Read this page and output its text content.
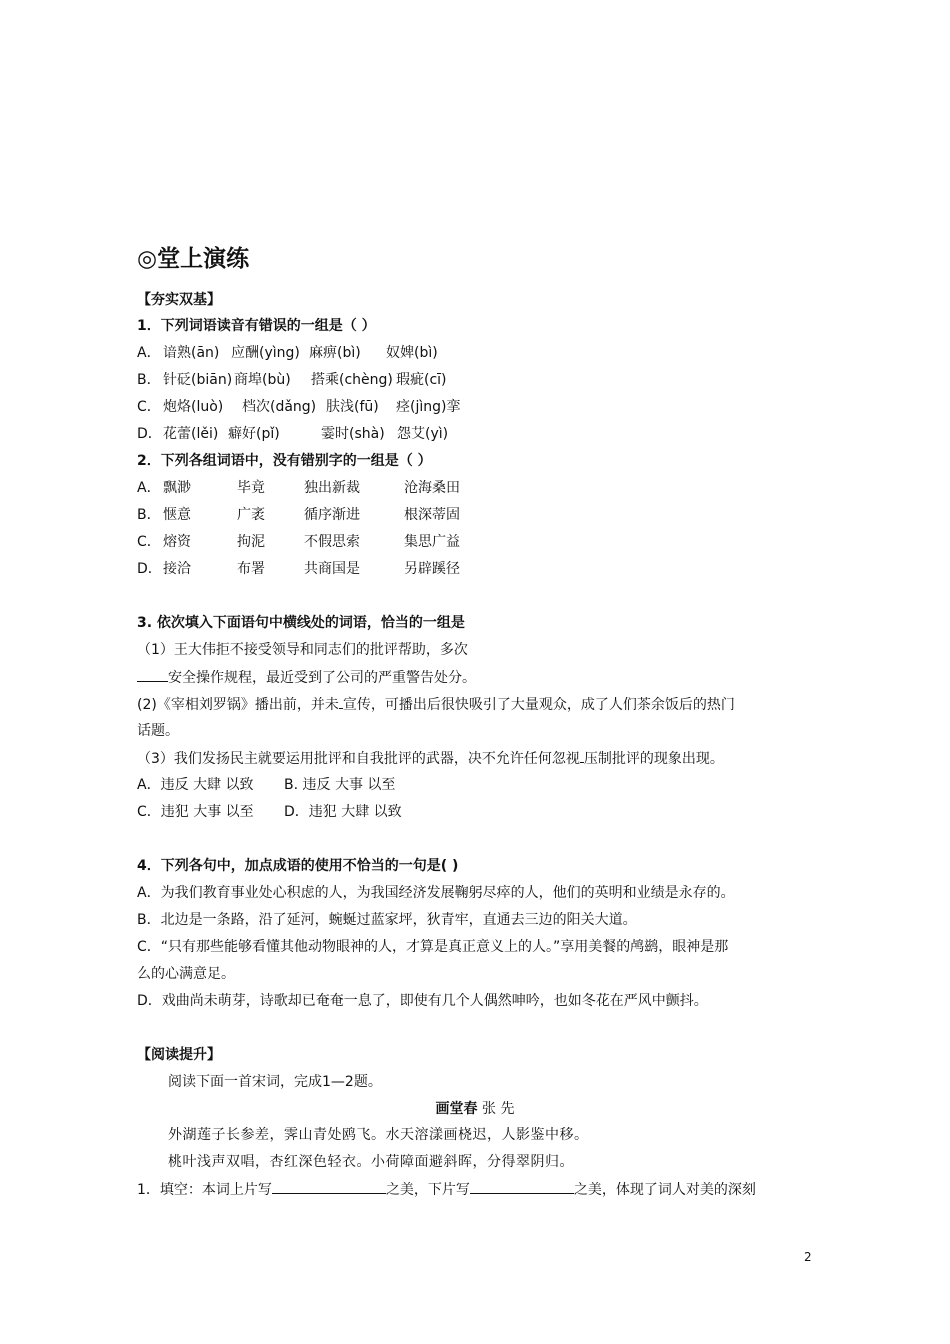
◎堂上演练
【夯实双基】
1．下列词语读音有错误的一组是（ ）
A． 谙熟(ān) 应酬(yìng) 麻痹(bì) 奴婢(bì)
B． 针砭(biān) 商埠(bù) 搭乘(chèng) 瑕疵(cī)
C． 炮烙(luò) 档次(dǎng) 肤浅(fū) 痉(jìng)挛
D． 花蕾(lěi) 癖好(pǐ)	霎时(shà) 怨艾(yì)
2．下列各组词语中，没有错别字的一组是（ ）
A． 飘渺	毕竟	独出新裁	沧海桑田
B． 惬意	广袤	循序渐进	根深蒂固
C． 熔资	拘泥	不假思索	集思广益
D． 接洽	布署	共商国是	另辟蹊径
3. 依次填入下面语句中横线处的词语，恰当的一组是
（1）王大伟拒不接受领导和同志们的批评帮助，多次
安全操作规程，最近受到了公司的严重警告处分。
(2)《宰相刘罗锅》播出前，并未 宣传，可播出后很快吸引了大量观众，成了人们茶余饭后的热门
话题。
（3）我们发扬民主就要运用批评和自我批评的武器，决不允许任何忽视 压制批评的现象出现。
A．违反 大肆 以致 B. 违反 大事 以至
C．违犯 大事 以至 D．违犯 大肆 以致
4．下列各句中，加点成语的使用不恰当的一句是( )
A．为我们教育事业处心积虑的人，为我国经济发展鞠躬尽瘁的人，他们的英明和业绩是永存的。
B．北边是一条路，沿了延河，蜿蜒过蓝家坪，狄青牢，直通去三边的阳关大道。
C．“只有那些能够看懂其他动物眼神的人，才算是真正意义上的人。”享用美餐的鸬鹚，眼神是那
么的心满意足。
D．戏曲尚未萌芽，诗歌却已奄奄一息了，即使有几个人偶然呻吟，也如冬花在严风中颤抖。
【阅读提升】
阅读下面一首宋词，完成1—2题。
画堂春 张 先
外湖莲子长参差，霁山青处鸥飞。水天溶漾画桡迟，人影鉴中移。
桃叶浅声双唱，杏红深色轻衣。小荷障面避斜晖，分得翠阴归。
1．填空：本词上片写	之美，下片写	之美，体现了词人对美的深刻
2
